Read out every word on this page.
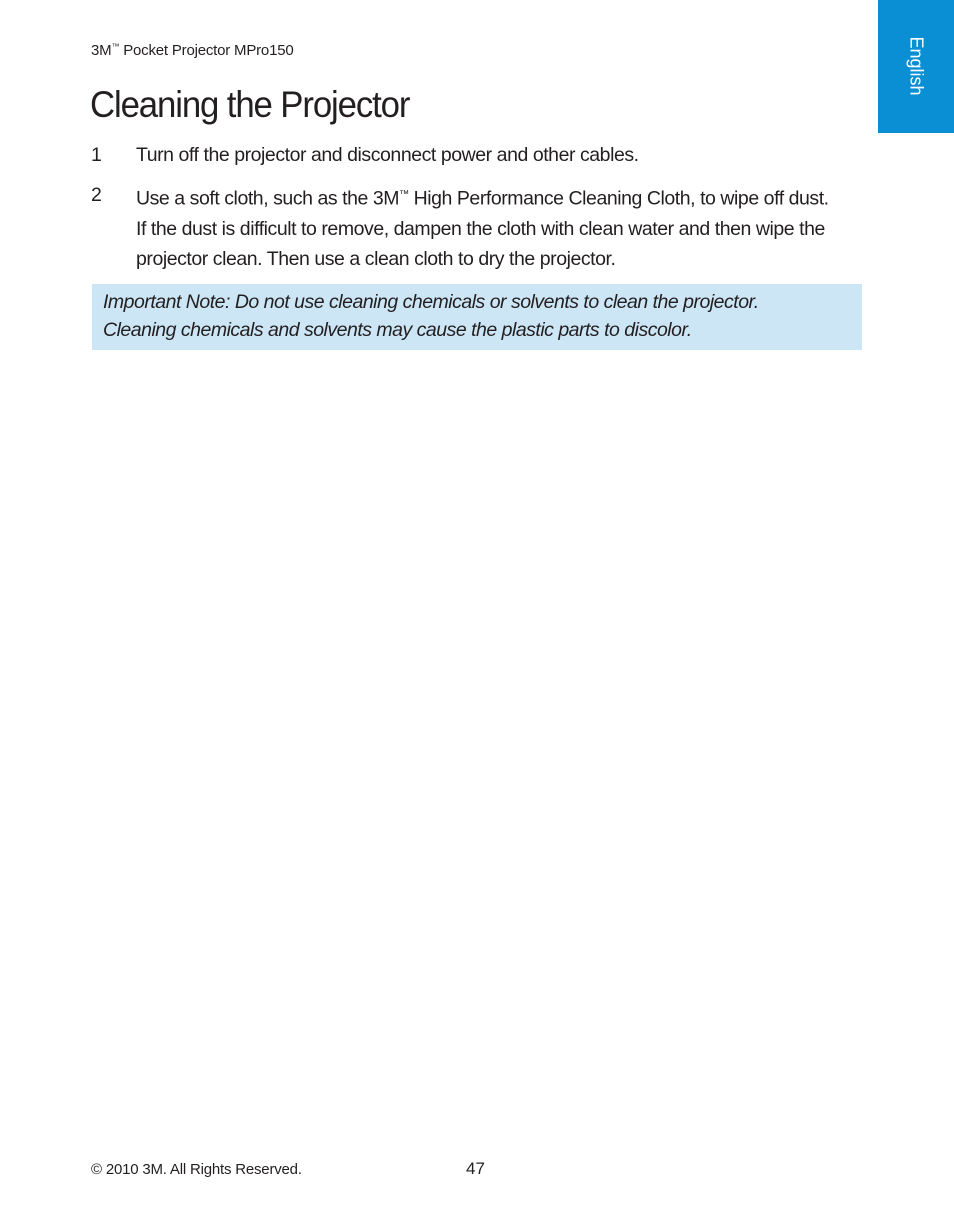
3M™ Pocket Projector MPro150	English
Cleaning the Projector
1 Turn off the projector and disconnect power and other cables.
2 Use a soft cloth, such as the 3M™ High Performance Cleaning Cloth, to wipe off dust.
If the dust is difficult to remove, dampen the cloth with clean water and then wipe the
projector clean. Then use a clean cloth to dry the projector.
Important Note: Do not use cleaning chemicals or solvents to clean the projector.
Cleaning chemicals and solvents may cause the plastic parts to discolor.
© 2010 3M. All Rights Reserved.	47
